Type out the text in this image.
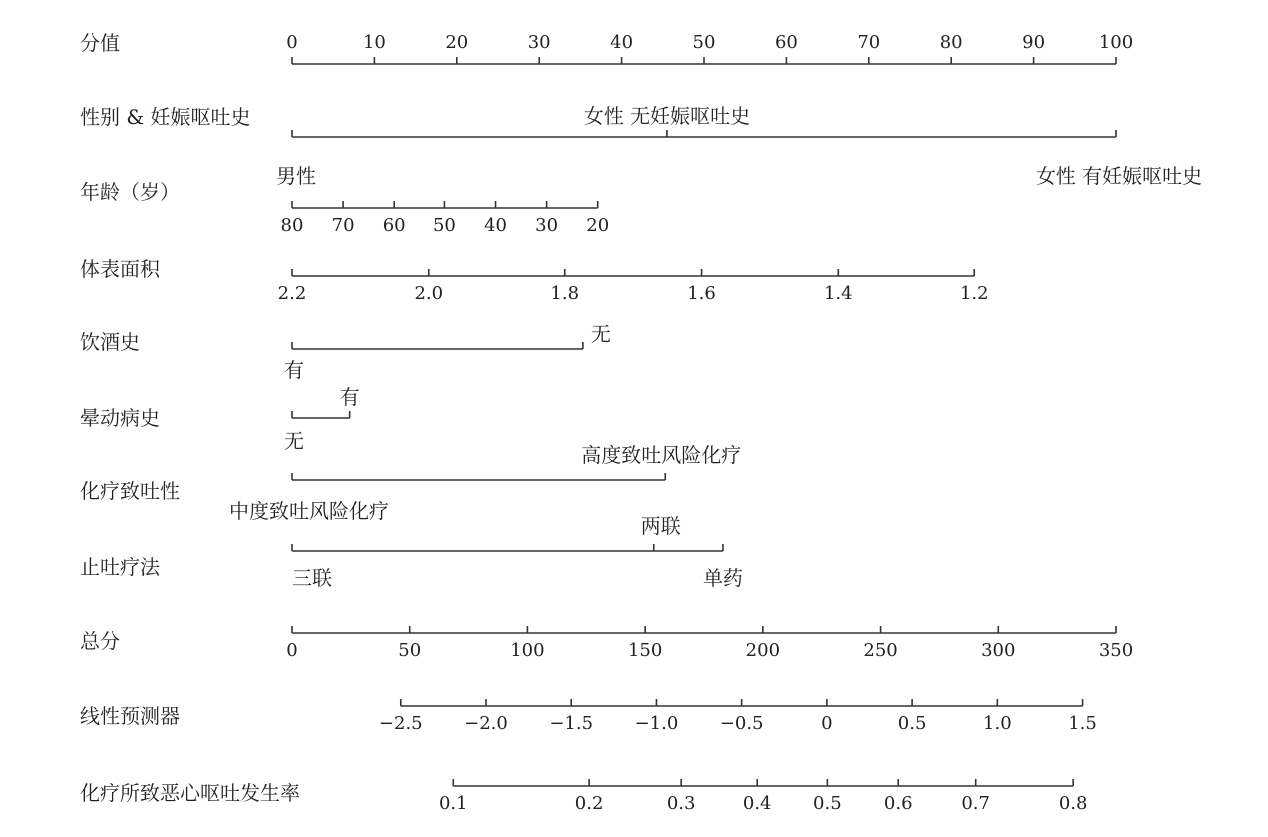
分值	0	10	20	30	40	50	60	70	80	90	100
性别 & 妊娠呕吐史
男性
女性 无妊娠呕吐史
女性 有妊娠呕吐史
年龄（岁）
80 70 60 50 40 30 20
体表面积
2.2	2.0	1.8	1.6	1.4	1.2
饮酒史
有
无
晕动病史
无
有
化疗致吐性
中度致吐风险化疗
高度致吐风险化疗
止吐疗法	三联
两联
单药
总分	0	50	100	150	200	250	300	350
线性预测器	−2.5 −2.0 −1.5 −1.0 −0.5	0	0.5	1.0	1.5
化疗所致恶心呕吐发生率	0.1	0.2	0.3	0.4 0.5 0.6	0.7	0.8
